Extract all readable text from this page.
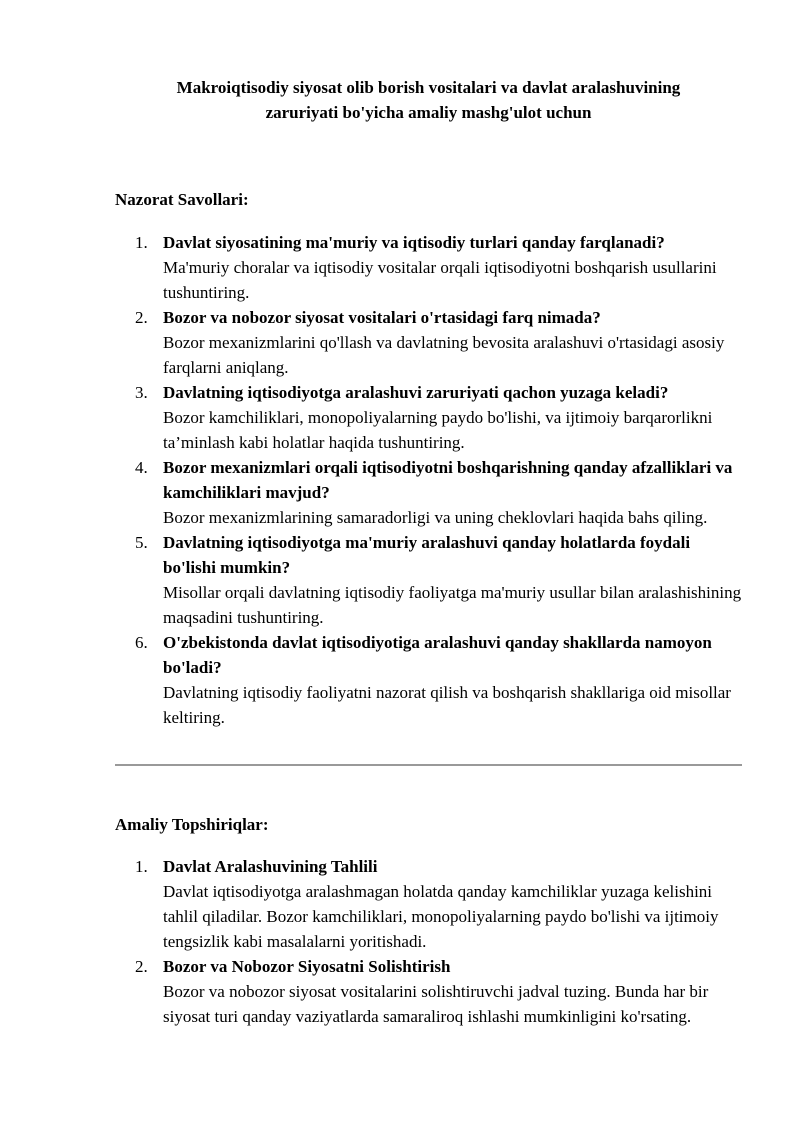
Makroiqtisodiy siyosat olib borish vositalari va davlat aralashuvining
zaruriyati bo'yicha amaliy mashg'ulot uchun
Nazorat Savollari:
1. Davlat siyosatining ma'muriy va iqtisodiy turlari qanday farqlanadi?
Ma'muriy choralar va iqtisodiy vositalar orqali iqtisodiyotni boshqarish usullarini tushuntiring.
2. Bozor va nobozor siyosat vositalari o'rtasidagi farq nimada?
Bozor mexanizmlarini qo'llash va davlatning bevosita aralashuvi o'rtasidagi asosiy farqlarni aniqlang.
3. Davlatning iqtisodiyotga aralashuvi zaruriyati qachon yuzaga keladi?
Bozor kamchiliklari, monopoliyalarning paydo bo'lishi, va ijtimoiy barqarorlikni ta’minlash kabi holatlar haqida tushuntiring.
4. Bozor mexanizmlari orqali iqtisodiyotni boshqarishning qanday afzalliklari va kamchiliklari mavjud?
Bozor mexanizmlarining samaradorligi va uning cheklovlari haqida bahs qiling.
5. Davlatning iqtisodiyotga ma'muriy aralashuvi qanday holatlarda foydali bo'lishi mumkin?
Misollar orqali davlatning iqtisodiy faoliyatga ma'muriy usullar bilan aralashishining maqsadini tushuntiring.
6. O'zbekistonda davlat iqtisodiyotiga aralashuvi qanday shakllarda namoyon bo'ladi?
Davlatning iqtisodiy faoliyatni nazorat qilish va boshqarish shakllariga oid misollar keltiring.
Amaliy Topshiriqlar:
1. Davlat Aralashuvining Tahlili
Davlat iqtisodiyotga aralashmagan holatda qanday kamchiliklar yuzaga kelishini tahlil qiladilar. Bozor kamchiliklari, monopoliyalarning paydo bo'lishi va ijtimoiy tengsizlik kabi masalalarni yoritishadi.
2. Bozor va Nobozor Siyosatni Solishtirish
Bozor va nobozor siyosat vositalarini solishtiruvchi jadval tuzing. Bunda har bir siyosat turi qanday vaziyatlarda samaraliroq ishlashi mumkinligini ko'rsating.
